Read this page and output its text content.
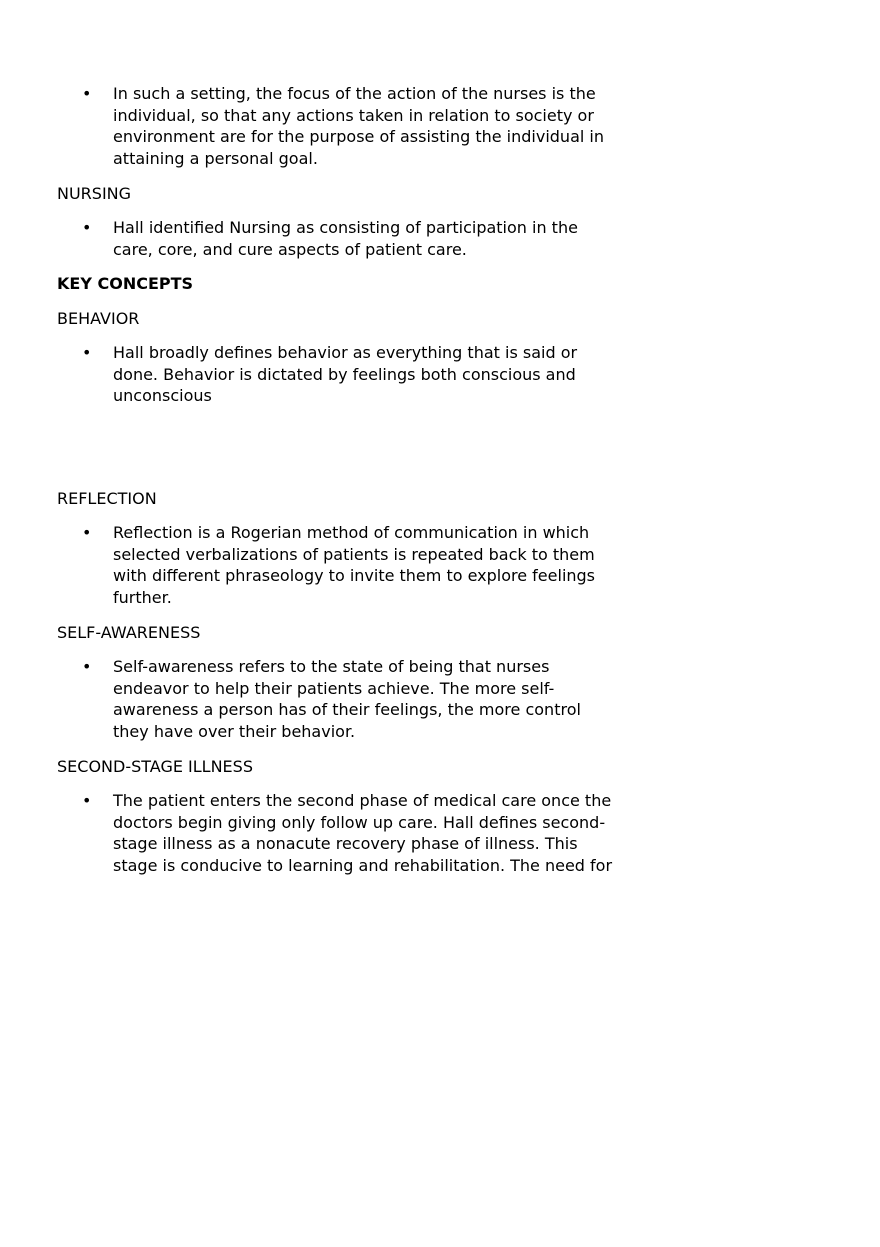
• In such a setting, the focus of the action of the nurses is the
individual, so that any actions taken in relation to society or
environment are for the purpose of assisting the individual in
attaining a personal goal.
NURSING
• Hall identified Nursing as consisting of participation in the
care, core, and cure aspects of patient care.
KEY CONCEPTS
BEHAVIOR
• Hall broadly defines behavior as everything that is said or
done. Behavior is dictated by feelings both conscious and
unconscious
REFLECTION
• Reflection is a Rogerian method of communication in which
selected verbalizations of patients is repeated back to them
with different phraseology to invite them to explore feelings
further.
SELF-AWARENESS
• Self-awareness refers to the state of being that nurses
endeavor to help their patients achieve. The more self-
awareness a person has of their feelings, the more control
they have over their behavior.
SECOND-STAGE ILLNESS
• The patient enters the second phase of medical care once the
doctors begin giving only follow up care. Hall defines second-
stage illness as a nonacute recovery phase of illness. This
stage is conducive to learning and rehabilitation. The need for
